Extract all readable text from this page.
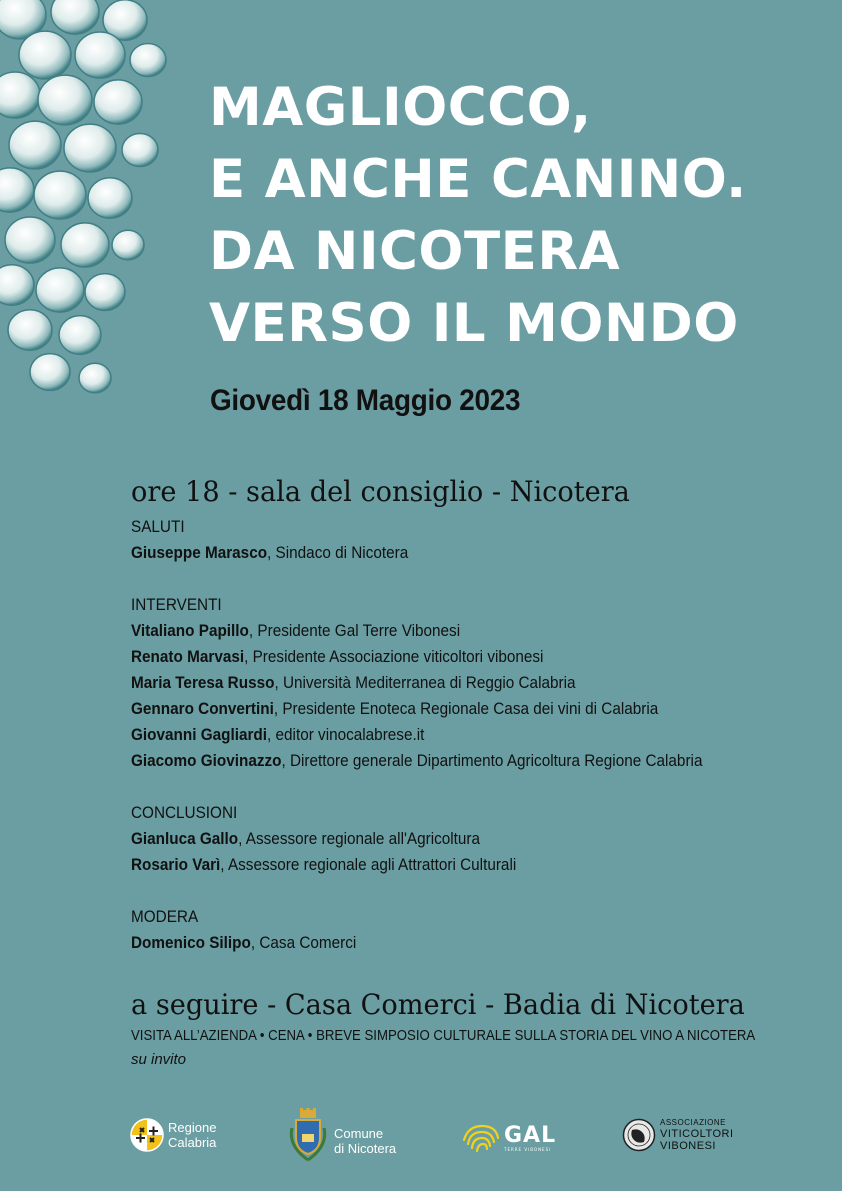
MAGLIOCCO,
E ANCHE CANINO.
DA NICOTERA
VERSO IL MONDO
Giovedì 18 Maggio 2023
ore 18 - sala del consiglio - Nicotera
SALUTI
Giuseppe Marasco, Sindaco di Nicotera
INTERVENTI
Vitaliano Papillo, Presidente Gal Terre Vibonesi
Renato Marvasi, Presidente Associazione viticoltori vibonesi
Maria Teresa Russo, Università Mediterranea di Reggio Calabria
Gennaro Convertini, Presidente Enoteca Regionale Casa dei vini di Calabria
Giovanni Gagliardi, editor vinocalabrese.it
Giacomo Giovinazzo, Direttore generale Dipartimento Agricoltura Regione Calabria
CONCLUSIONI
Gianluca Gallo, Assessore regionale all'Agricoltura
Rosario Varì, Assessore regionale agli Attrattori Culturali
MODERA
Domenico Silipo, Casa Comerci
a seguire - Casa Comerci - Badia di Nicotera
VISITA ALL’AZIENDA • CENA • BREVE SIMPOSIO CULTURALE SULLA STORIA DEL VINO A NICOTERA
su invito
Regione
Calabria
Comune
di Nicotera
GAL
TERRE VIBONESI
ASSOCIAZIONE
VITICOLTORI
VIBONESI
